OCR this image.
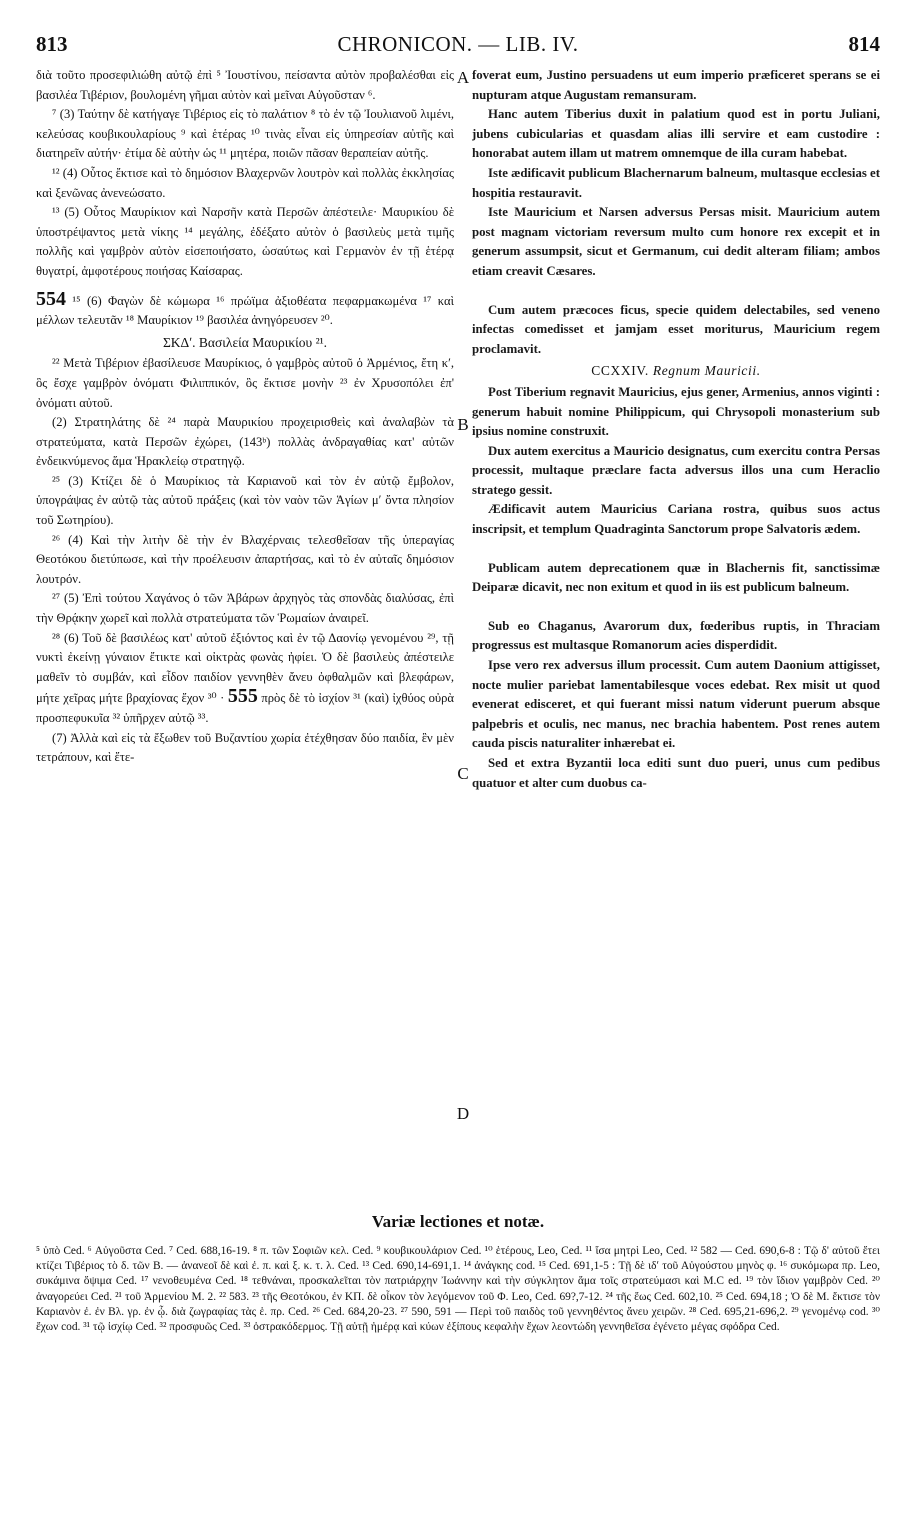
813	CHRONICON. — LIB. IV.	814

διὰ τοῦτο προσεφιλιώθη αὐτῷ ἐπὶ ⁵ Ἰουστίνου, πείσαντα αὐτὸν προβαλέσθαι εἰς βασιλέα Τιβέριον, βουλομένη γῆμαι αὐτὸν καὶ μεῖναι Αὐγοῦσταν ⁶.

⁷ (3) Ταύτην δὲ κατήγαγε Τιβέριος εἰς τὸ παλάτιον ⁸ τὸ ἐν τῷ Ἰουλιανοῦ λιμένι, κελεύσας κουβικουλαρίους ⁹ καὶ ἑτέρας ¹⁰ τινὰς εἶναι εἰς ὑπηρεσίαν αὐτῆς καὶ διατηρεῖν αὐτήν· ἐτίμα δὲ αὐτὴν ὡς ¹¹ μητέρα, ποιῶν πᾶσαν θεραπείαν αὐτῆς.

¹² (4) Οὗτος ἔκτισε καὶ τὸ δημόσιον Βλαχερνῶν λουτρὸν καὶ πολλὰς ἐκκλησίας καὶ ξενῶνας ἀνενεώσατο.

¹³ (5) Οὗτος Μαυρίκιον καὶ Ναρσῆν κατὰ Περσῶν ἀπέστειλε· Μαυρικίου δὲ ὑποστρέψαντος μετὰ νίκης ¹⁴ μεγάλης, ἐδέξατο αὐτὸν ὁ βασιλεὺς μετὰ τιμῆς πολλῆς καὶ γαμβρὸν αὐτὸν εἰσεποιήσατο, ὡσαύτως καὶ Γερμανὸν ἐν τῇ ἑτέρᾳ θυγατρί, ἀμφοτέρους ποιήσας Καίσαρας.

554 ¹⁵ (6) Φαγὼν δὲ κώμωρα ¹⁶ πρώϊμα ἀξιοθέατα πεφαρμακωμένα ¹⁷ καὶ μέλλων τελευτᾶν ¹⁸ Μαυρίκιον ¹⁹ βασιλέα ἀνηγόρευσεν ²⁰.

ΣΚΔʹ. Βασιλεία Μαυρικίου ²¹.

²² Μετὰ Τιβέριον ἐβασίλευσε Μαυρίκιος, ὁ γαμβρὸς αὐτοῦ ὁ Ἀρμένιος, ἔτη κʹ, ὃς ἔσχε γαμβρὸν ὀνόματι Φιλιππικόν, ὃς ἔκτισε μονὴν ²³ ἐν Χρυσοπόλει ἐπ' ὀνόματι αὐτοῦ.

(2) Στρατηλάτης δὲ ²⁴ παρὰ Μαυρικίου προχειρισθεὶς καὶ ἀναλαβὼν τὰ στρατεύματα, κατὰ Περσῶν ἐχώρει, (143ᵇ) πολλὰς ἀνδραγαθίας κατ' αὐτῶν ἐνδεικνύμενος ἅμα Ἡρακλείῳ στρατηγῷ.

²⁵ (3) Κτίζει δὲ ὁ Μαυρίκιος τὰ Καριανοῦ καὶ τὸν ἐν αὐτῷ ἔμβολον, ὑπογράψας ἐν αὐτῷ τὰς αὐτοῦ πράξεις (καὶ τὸν ναὸν τῶν Ἁγίων μʹ ὄντα πλησίον τοῦ Σωτηρίου).

²⁶ (4) Καὶ τὴν λιτὴν δὲ τὴν ἐν Βλαχέρναις τελεσθεῖσαν τῆς ὑπεραγίας Θεοτόκου διετύπωσε, καὶ τὴν προέλευσιν ἀπαρτήσας, καὶ τὸ ἐν αὐταῖς δημόσιον λουτρόν.

²⁷ (5) Ἐπὶ τούτου Χαγάνος ὁ τῶν Ἀβάρων ἀρχηγὸς τὰς σπονδὰς διαλύσας, ἐπὶ τὴν Θρᾴκην χωρεῖ καὶ πολλὰ στρατεύματα τῶν Ῥωμαίων ἀναιρεῖ.

²⁸ (6) Τοῦ δὲ βασιλέως κατ' αὐτοῦ ἐξιόντος καὶ ἐν τῷ Δαονίῳ γενομένου ²⁹, τῇ νυκτὶ ἐκείνῃ γύναιον ἔτικτε καὶ οἰκτρὰς φωνὰς ἠφίει. Ὁ δὲ βασιλεὺς ἀπέστειλε μαθεῖν τὸ συμβάν, καὶ εἶδον παιδίον γεννηθὲν ἄνευ ὀφθαλμῶν καὶ βλεφάρων, μήτε χεῖρας μήτε βραχίονας ἔχον ³⁰ · 555 πρὸς δὲ τὸ ἰσχίον ³¹ (καὶ) ἰχθύος οὐρὰ προσπεφυκυῖα ³² ὑπῆρχεν αὐτῷ ³³.

(7) Ἀλλὰ καὶ εἰς τὰ ἔξωθεν τοῦ Βυζαντίου χωρία ἐτέχθησαν δύο παιδία, ἓν μὲν τετράπουν, καὶ ἕτε-

A
B
C
D

foverat eum, Justino persuadens ut eum imperio præficeret sperans se ei nupturam atque Augustam remansuram.

Hanc autem Tiberius duxit in palatium quod est in portu Juliani, jubens cubicularias et quasdam alias illi servire et eam custodire : honorabat autem illam ut matrem omnemque de illa curam habebat.

Iste ædificavit publicum Blachernarum balneum, multasque ecclesias et hospitia restauravit.

Iste Mauricium et Narsen adversus Persas misit. Mauricium autem post magnam victoriam reversum multo cum honore rex excepit et in generum assumpsit, sicut et Germanum, cui dedit alteram filiam; ambos etiam creavit Cæsares.

Cum autem præcoces ficus, specie quidem delectabiles, sed veneno infectas comedisset et jamjam esset moriturus, Mauricium regem proclamavit.

CCXXIV. Regnum Mauricii.

Post Tiberium regnavit Mauricius, ejus gener, Armenius, annos viginti : generum habuit nomine Philippicum, qui Chrysopoli monasterium sub ipsius nomine construxit.

Dux autem exercitus a Mauricio designatus, cum exercitu contra Persas processit, multaque præclare facta adversus illos una cum Heraclio stratego gessit.

Ædificavit autem Mauricius Cariana rostra, quibus suos actus inscripsit, et templum Quadraginta Sanctorum prope Salvatoris ædem.

Publicam autem deprecationem quæ in Blachernis fit, sanctissimæ Deiparæ dicavit, nec non exitum et quod in iis est publicum balneum.

Sub eo Chaganus, Avarorum dux, fœderibus ruptis, in Thraciam progressus est multasque Romanorum acies disperdidit.

Ipse vero rex adversus illum processit. Cum autem Daonium attigisset, nocte mulier pariebat lamentabilesque voces edebat. Rex misit ut quod evenerat edisceret, et qui fuerant missi natum viderunt puerum absque palpebris et oculis, nec manus, nec brachia habentem. Post renes autem cauda piscis naturaliter inhærebat ei.

Sed et extra Byzantii loca editi sunt duo pueri, unus cum pedibus quatuor et alter cum duobus ca-

Variæ lectiones et notæ.
⁵ ὑπὸ Ced. ⁶ Αὐγοῦστα Ced. ⁷ Ced. 688,16-19. ⁸ π. τῶν Σοφιῶν κελ. Ced. ⁹ κουβικουλάριον Ced. ¹⁰ ἑτέρους, Leo, Ced. ¹¹ ἴσα μητρὶ Leo, Ced. ¹² 582 — Ced. 690,6-8 : Τῷ δ' αὐτοῦ ἔτει κτίζει Τιβέριος τὸ δ. τῶν Β. — ἀνανεοῖ δὲ καὶ ἐ. π. καὶ ξ. κ. τ. λ. Ced. ¹³ Ced. 690,14-691,1. ¹⁴ ἀνάγκης cod. ¹⁵ Ced. 691,1-5 : Τῇ δὲ ιδʹ τοῦ Αὐγούστου μηνὸς φ. ¹⁶ συκόμωρα πρ. Leo, συκάμινα ὄψιμα Ced. ¹⁷ νενοθευμένα Ced. ¹⁸ τεθνάναι, προσκαλεῖται τὸν πατριάρχην Ἰωάννην καὶ τὴν σύγκλητον ἅμα τοῖς στρατεύμασι καὶ M.C ed. ¹⁹ τὸν ἴδιον γαμβρὸν Ced. ²⁰ ἀναγορεύει Ced. ²¹ τοῦ Ἀρμενίου Μ. 2. ²² 583. ²³ τῆς Θεοτόκου, ἐν ΚΠ. δὲ οἶκον τὸν λεγόμενον τοῦ Φ. Leo, Ced. 69?,7-12. ²⁴ τῆς ἕως Ced. 602,10. ²⁵ Ced. 694,18 ; Ὁ δὲ Μ. ἔκτισε τὸν Καριανὸν ἐ. ἐν Βλ. γρ. ἐν ᾧ. διὰ ζωγραφίας τὰς ἑ. πρ. Ced. ²⁶ Ced. 684,20-23. ²⁷ 590, 591 — Περὶ τοῦ παιδὸς τοῦ γεννηθέντος ἄνευ χειρῶν. ²⁸ Ced. 695,21-696,2. ²⁹ γενομένῳ cod. ³⁰ ἔχων cod. ³¹ τῷ ἰσχίῳ Ced. ³² προσφυῶς Ced. ³³ ὀστρακόδερμος. Τῇ αὐτῇ ἡμέρᾳ καὶ κύων ἐξίπους κεφαλὴν ἔχων λεοντώδη γεννηθεῖσα ἐγένετο μέγας σφόδρα Ced.
